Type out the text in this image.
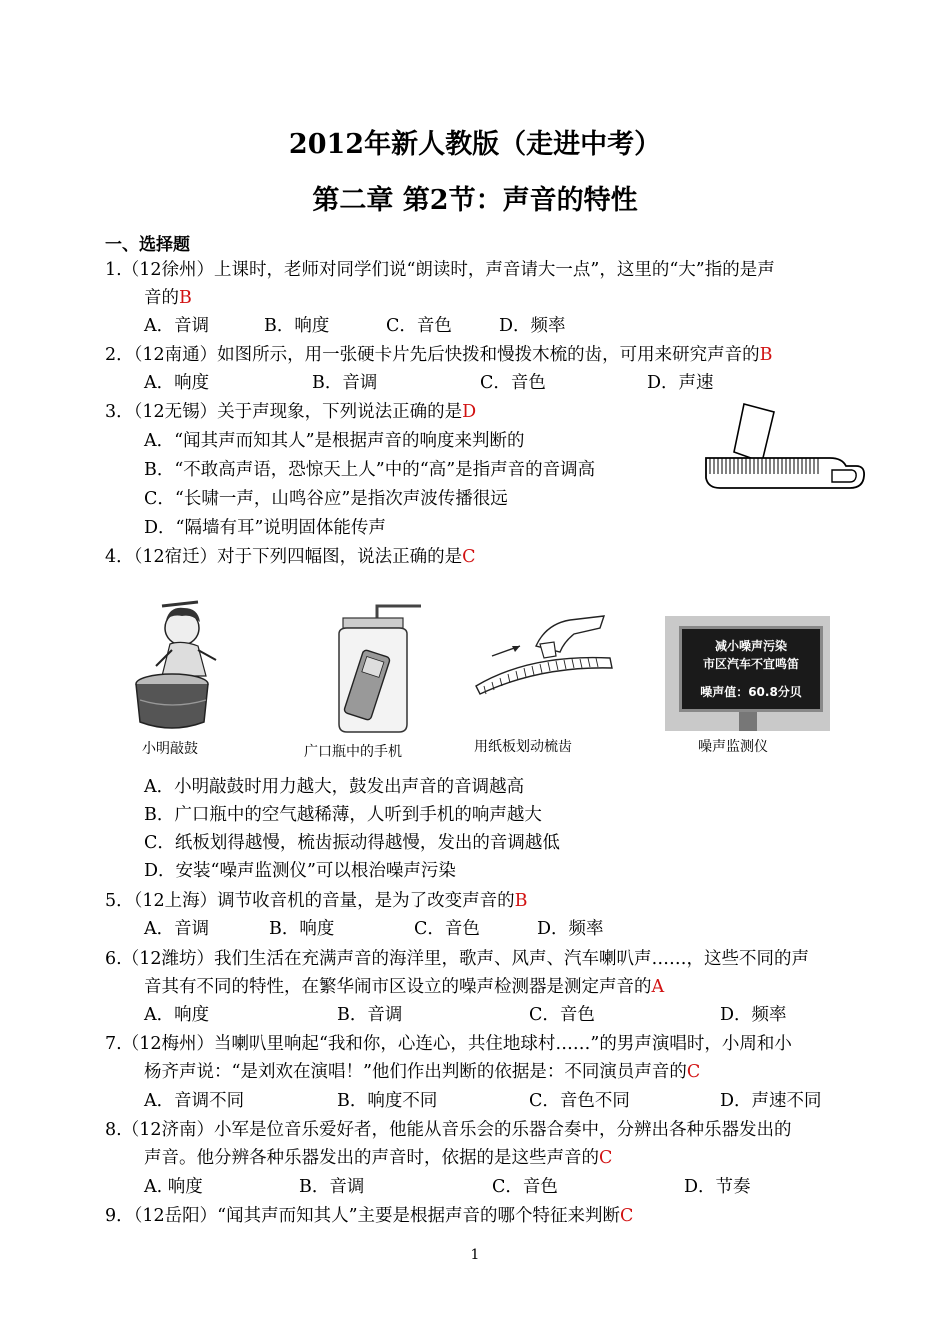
2012年新人教版（走进中考）
第二章 第2节：声音的特性
一、选择题
1.（12徐州）上课时，老师对同学们说“朗读时，声音请大一点”，这里的“大”指的是声
音的B
A．音调	B．响度	C．音色	D．频率
2．（12南通）如图所示，用一张硬卡片先后快拨和慢拨木梳的齿，可用来研究声音的B
A．响度	B．音调	C．音色	D．声速
3．（12无锡）关于声现象，下列说法正确的是D
A．“闻其声而知其人”是根据声音的响度来判断的
B．“不敢高声语，恐惊天上人”中的“高”是指声音的音调高
C．“长啸一声，山鸣谷应”是指次声波传播很远
D．“隔墙有耳”说明固体能传声
4．（12宿迁）对于下列四幅图，说法正确的是C
减小噪声污染
市区汽车不宜鸣笛
噪声值：60.8分贝
小明敲鼓	广口瓶中的手机	用纸板划动梳齿	噪声监测仪
A．小明敲鼓时用力越大，鼓发出声音的音调越高
B．广口瓶中的空气越稀薄，人听到手机的响声越大
C．纸板划得越慢，梳齿振动得越慢，发出的音调越低
D．安装“噪声监测仪”可以根治噪声污染
5．（12上海）调节收音机的音量，是为了改变声音的B
A．音调	B．响度	C．音色	D．频率
6.（12潍坊）我们生活在充满声音的海洋里，歌声、风声、汽车喇叭声……，这些不同的声
音其有不同的特性，在繁华闹市区设立的噪声检测器是测定声音的A
A．响度	B．音调	C．音色	D．频率
7.（12梅州）当喇叭里响起“我和你，心连心，共住地球村……”的男声演唱时，小周和小
杨齐声说：“是刘欢在演唱！”他们作出判断的依据是：不同演员声音的C
A．音调不同	B．响度不同	C．音色不同	D．声速不同
8.（12济南）小军是位音乐爱好者，他能从音乐会的乐器合奏中，分辨出各种乐器发出的
声音。他分辨各种乐器发出的声音时，依据的是这些声音的C
A. 响度	B．音调	C．音色	D．节奏
9．（12岳阳）“闻其声而知其人”主要是根据声音的哪个特征来判断C
1
